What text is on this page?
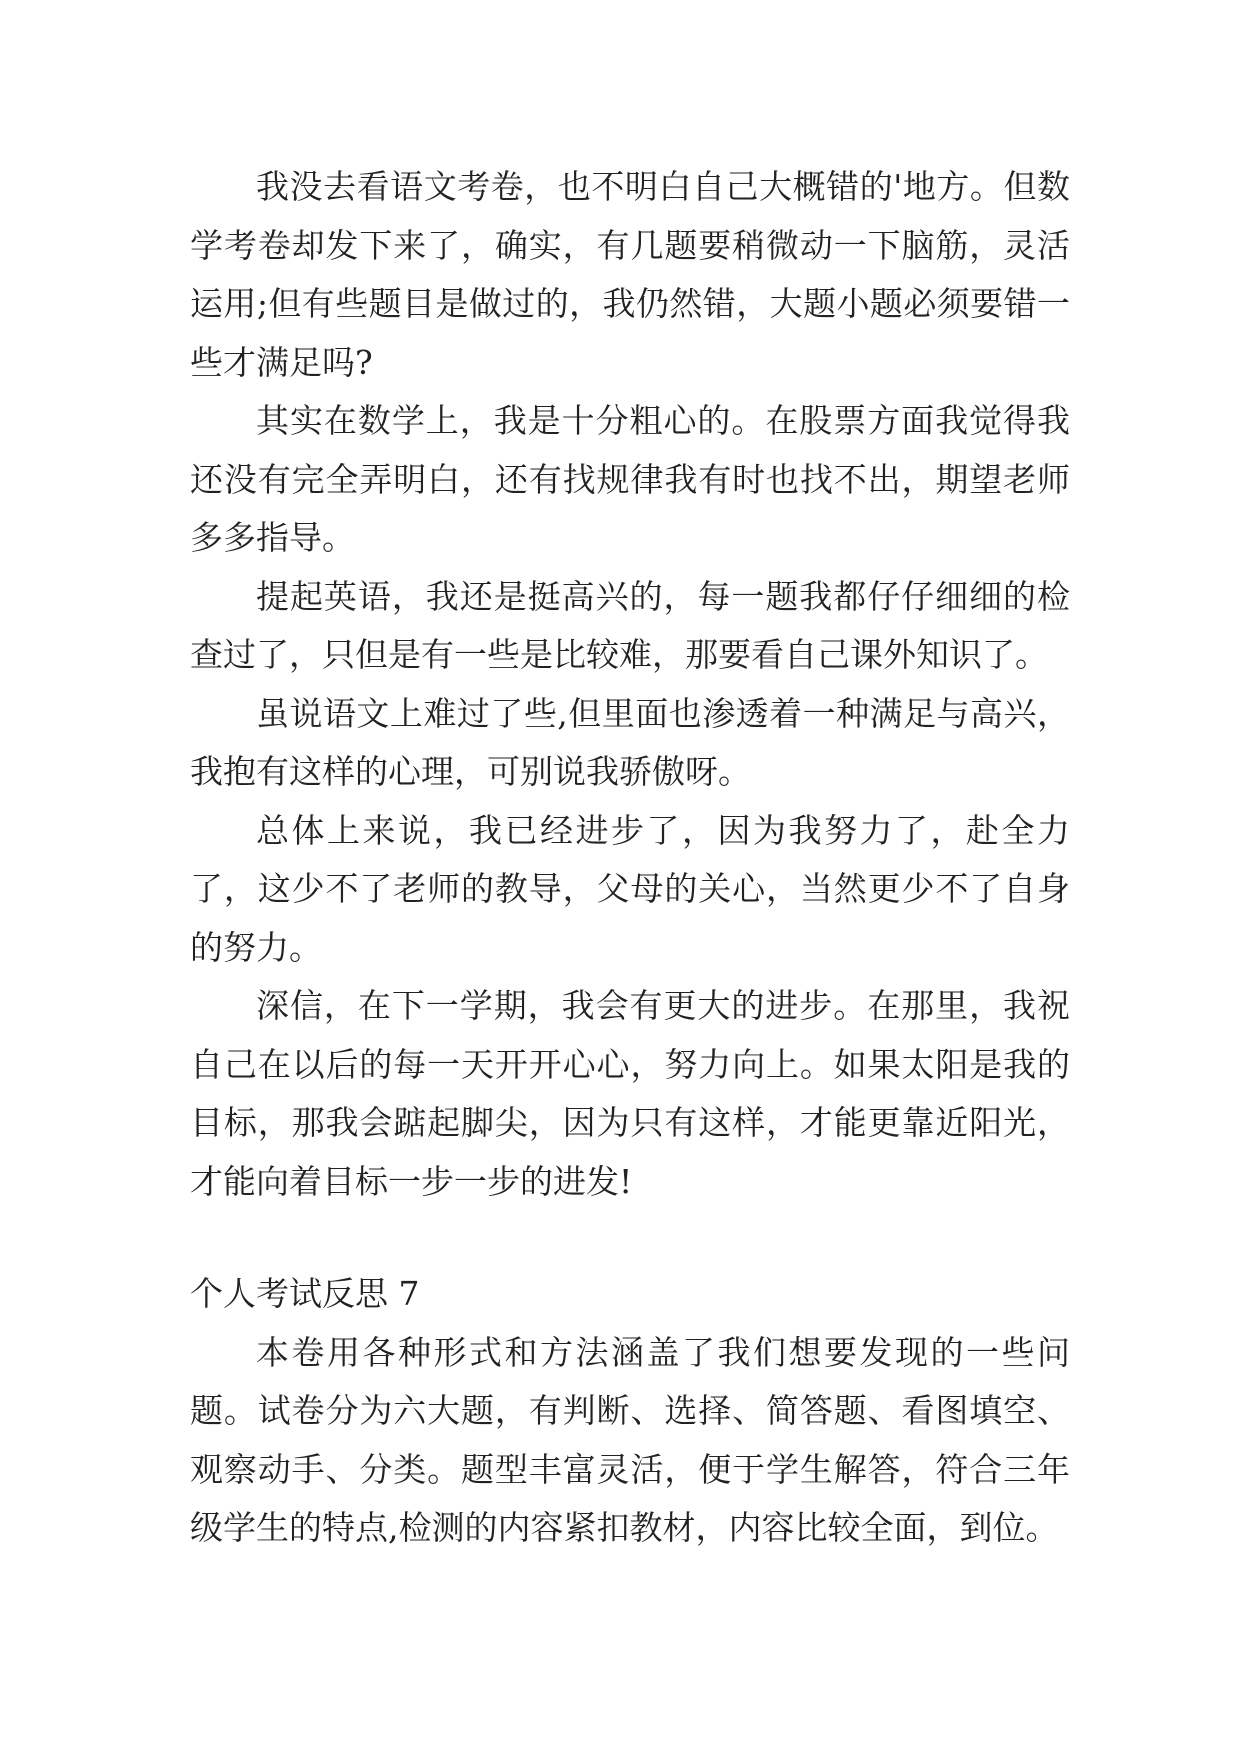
我没去看语文考卷，也不明白自己大概错的'地方。但数学考卷却发下来了，确实，有几题要稍微动一下脑筋，灵活运用;但有些题目是做过的，我仍然错，大题小题必须要错一些才满足吗?

其实在数学上，我是十分粗心的。在股票方面我觉得我还没有完全弄明白，还有找规律我有时也找不出，期望老师多多指导。

提起英语，我还是挺高兴的，每一题我都仔仔细细的检查过了，只但是有一些是比较难，那要看自己课外知识了。

虽说语文上难过了些,但里面也渗透着一种满足与高兴，我抱有这样的心理，可别说我骄傲呀。

总体上来说，我已经进步了，因为我努力了，赴全力了，这少不了老师的教导，父母的关心，当然更少不了自身的努力。

深信，在下一学期，我会有更大的进步。在那里，我祝自己在以后的每一天开开心心，努力向上。如果太阳是我的目标，那我会踮起脚尖，因为只有这样，才能更靠近阳光，才能向着目标一步一步的进发!

个人考试反思 7

本卷用各种形式和方法涵盖了我们想要发现的一些问题。试卷分为六大题，有判断、选择、简答题、看图填空、观察动手、分类。题型丰富灵活，便于学生解答，符合三年级学生的特点,检测的内容紧扣教材，内容比较全面，到位。
